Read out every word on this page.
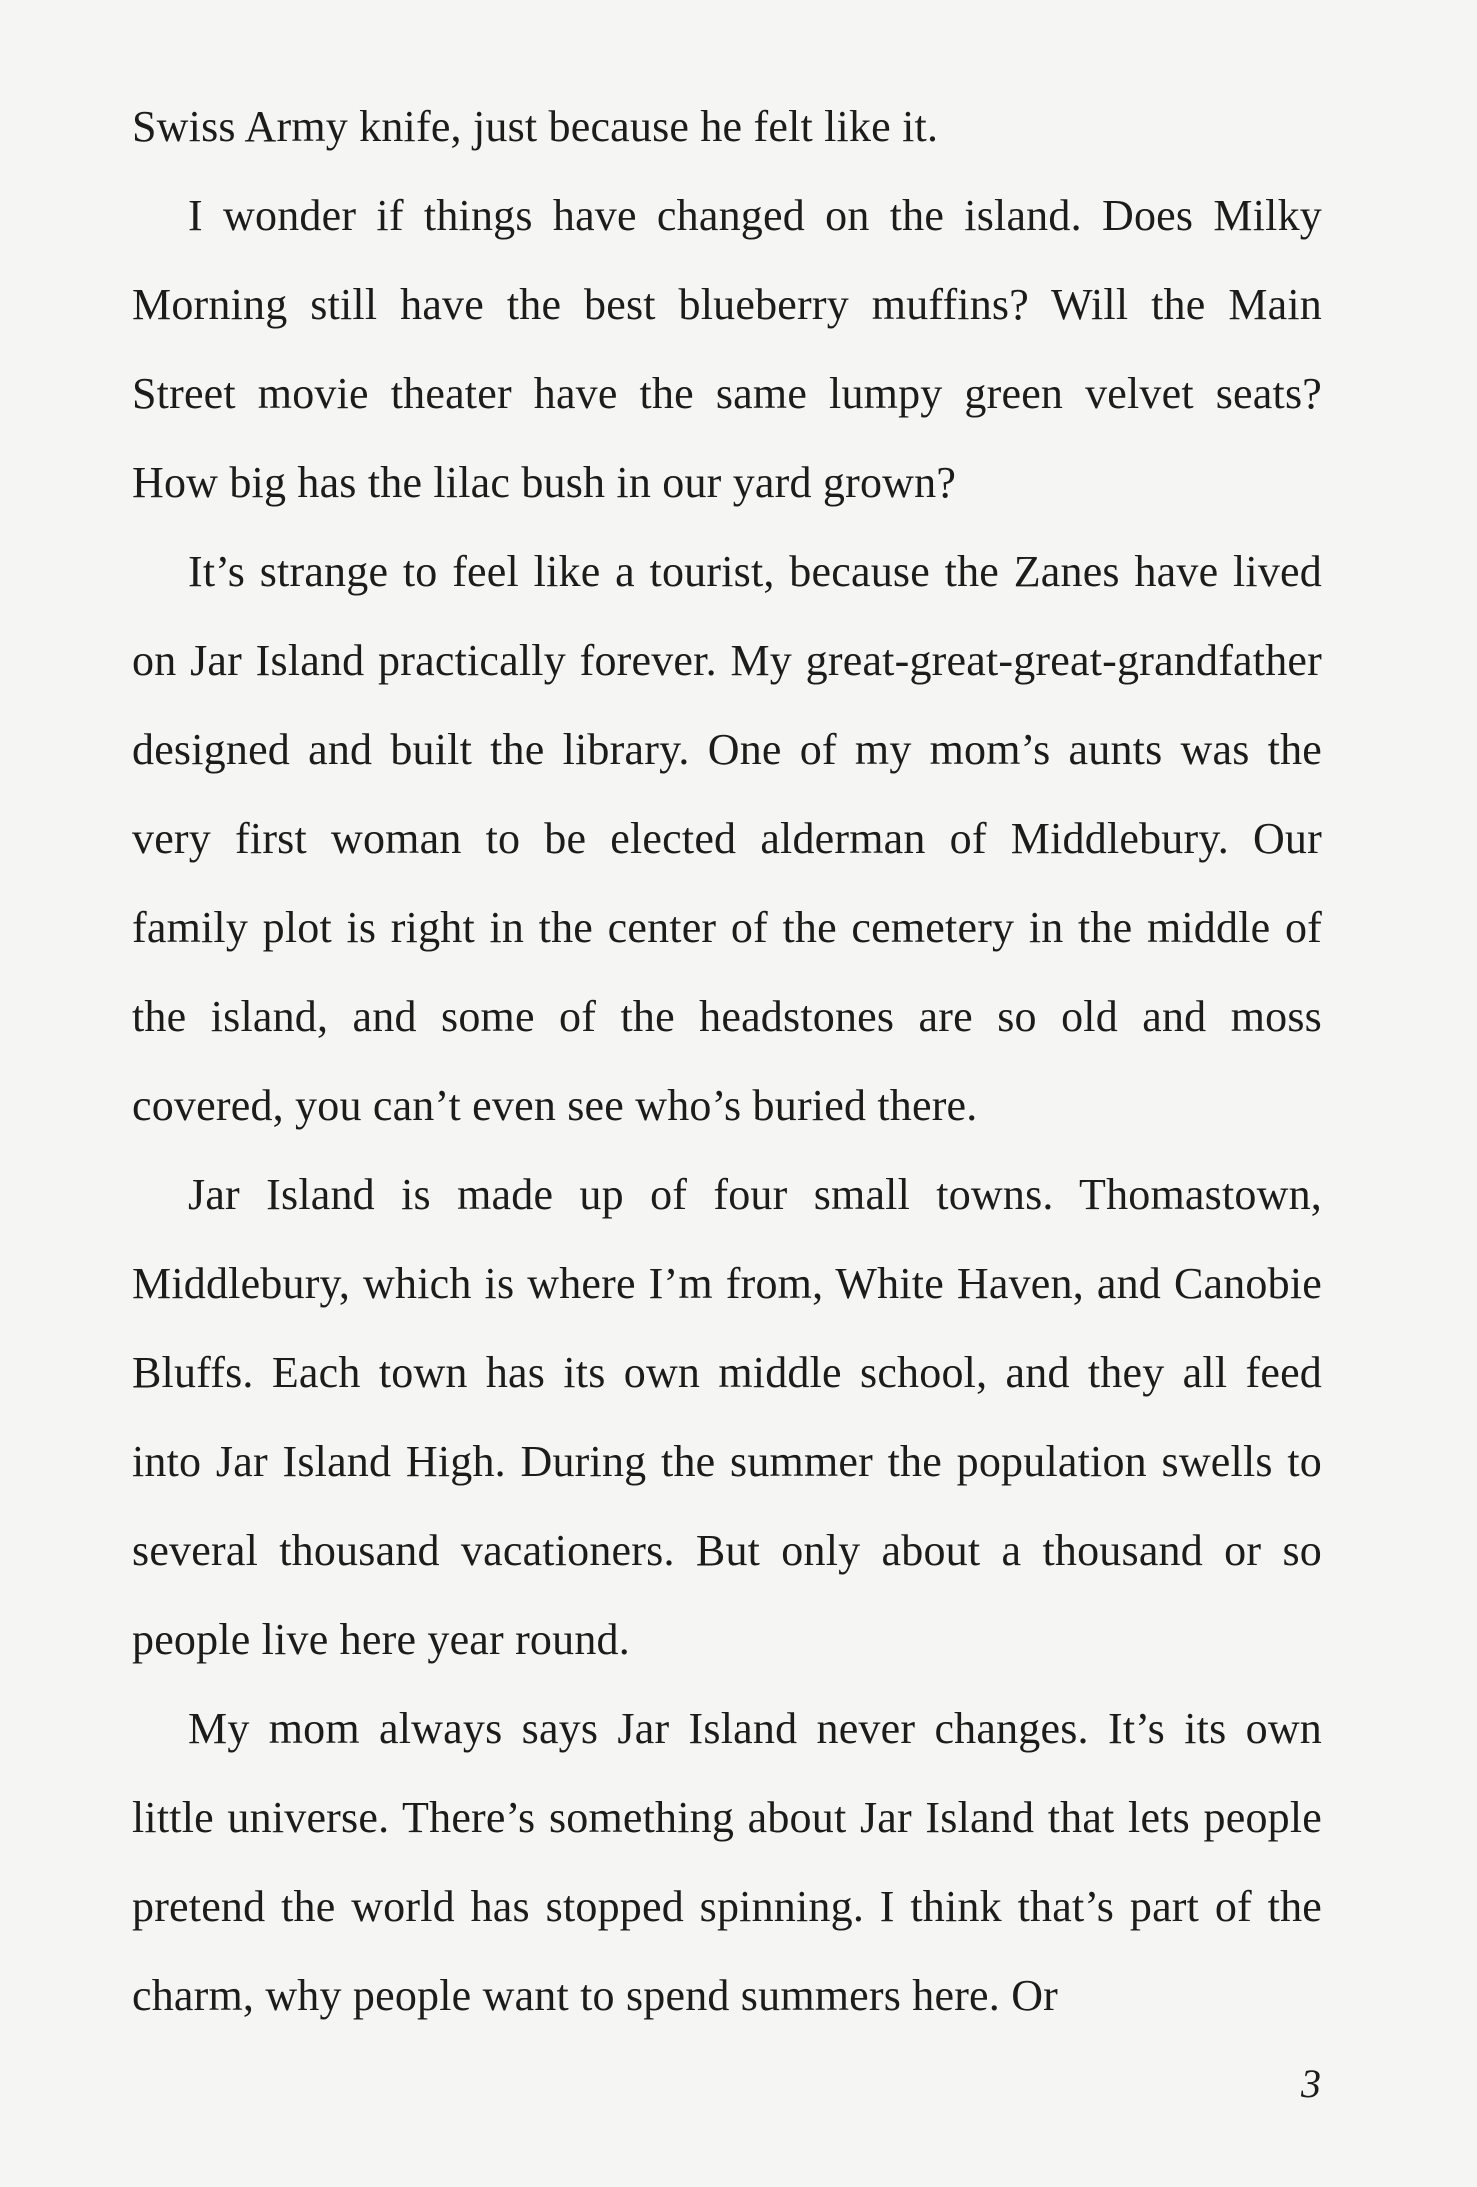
Swiss Army knife, just because he felt like it.

I wonder if things have changed on the island. Does Milky Morning still have the best blueberry muffins? Will the Main Street movie theater have the same lumpy green velvet seats? How big has the lilac bush in our yard grown?

It’s strange to feel like a tourist, because the Zanes have lived on Jar Island practically forever. My great-great-great-grandfather designed and built the library. One of my mom’s aunts was the very first woman to be elected alderman of Middlebury. Our family plot is right in the center of the cemetery in the middle of the island, and some of the headstones are so old and moss covered, you can’t even see who’s buried there.

Jar Island is made up of four small towns. Thomastown, Middlebury, which is where I’m from, White Haven, and Canobie Bluffs. Each town has its own middle school, and they all feed into Jar Island High. During the summer the population swells to several thousand vacationers. But only about a thousand or so people live here year round.

My mom always says Jar Island never changes. It’s its own little universe. There’s something about Jar Island that lets people pretend the world has stopped spinning. I think that’s part of the charm, why people want to spend summers here. Or

3
